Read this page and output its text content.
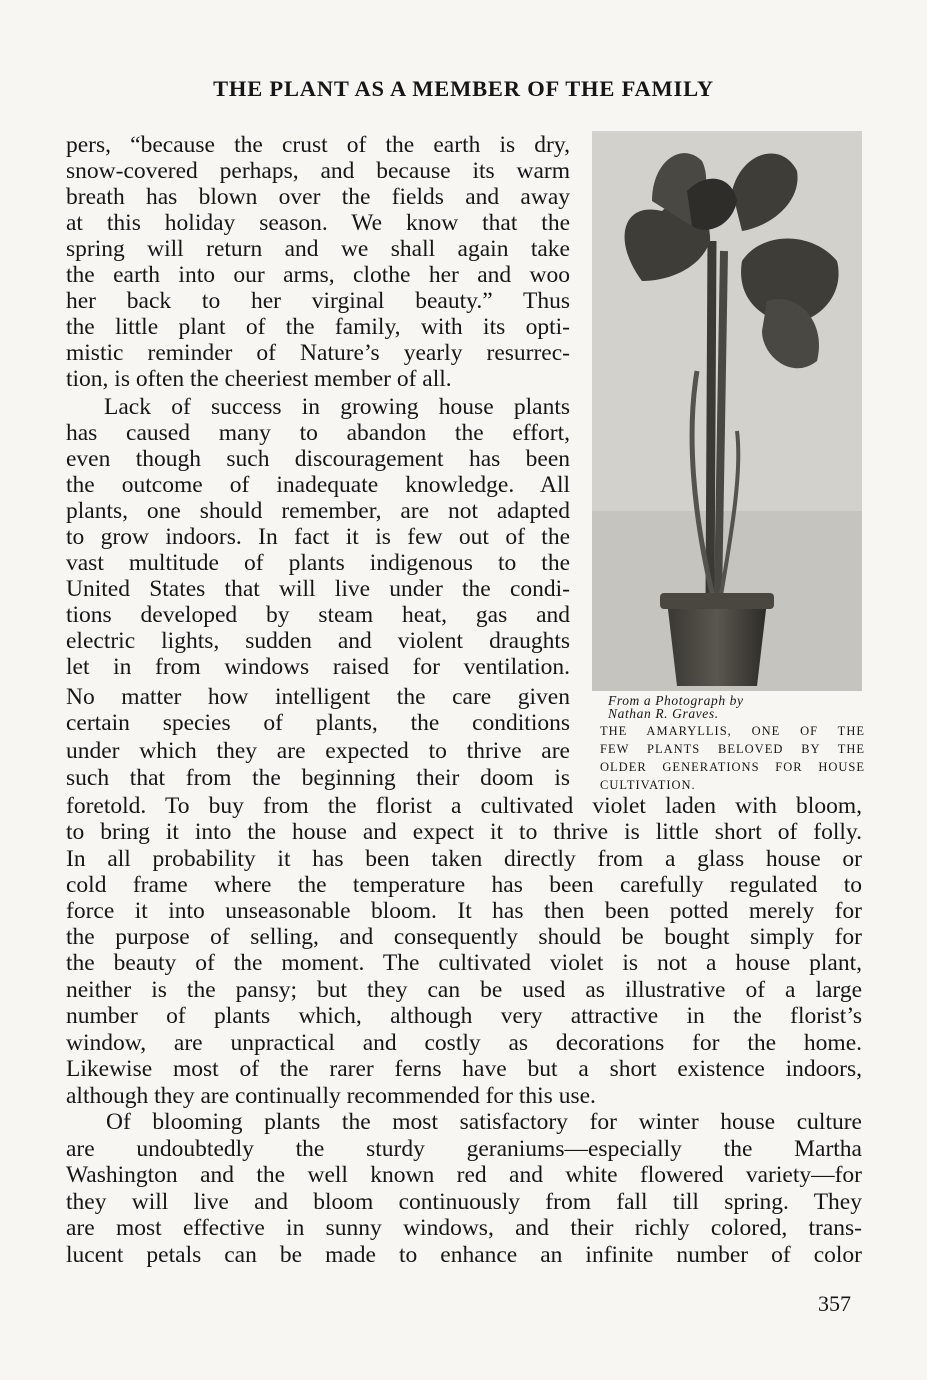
THE PLANT AS A MEMBER OF THE FAMILY
pers, “because the crust of the earth is dry,
snow-covered perhaps, and because its warm
breath has blown over the fields and away
at this holiday season. We know that the
spring will return and we shall again take
the earth into our arms, clothe her and woo
her back to her virginal beauty.” Thus
the little plant of the family, with its opti-
mistic reminder of Nature’s yearly resurrec-
tion, is often the cheeriest member of all.
Lack of success in growing house plants
has caused many to abandon the effort,
even though such discouragement has been
the outcome of inadequate knowledge. All
plants, one should remember, are not adapted
to grow indoors. In fact it is few out of the
vast multitude of plants indigenous to the
United States that will live under the condi-
tions developed by steam heat, gas and
electric lights, sudden and violent draughts
let in from windows raised for ventilation.
No matter how intelligent the care given
certain species of plants, the conditions
under which they are expected to thrive are
such that from the beginning their doom is
From a Photograph by
Nathan R. Graves.
THE AMARYLLIS, ONE OF THE
FEW PLANTS BELOVED BY THE
OLDER GENERATIONS FOR HOUSE
CULTIVATION.
foretold. To buy from the florist a cultivated violet laden with bloom,
to bring it into the house and expect it to thrive is little short of folly.
In all probability it has been taken directly from a glass house or
cold frame where the temperature has been carefully regulated to
force it into unseasonable bloom. It has then been potted merely for
the purpose of selling, and consequently should be bought simply for
the beauty of the moment. The cultivated violet is not a house plant,
neither is the pansy; but they can be used as illustrative of a large
number of plants which, although very attractive in the florist’s
window, are unpractical and costly as decorations for the home.
Likewise most of the rarer ferns have but a short existence indoors,
although they are continually recommended for this use.
Of blooming plants the most satisfactory for winter house culture
are undoubtedly the sturdy geraniums—especially the Martha
Washington and the well known red and white flowered variety—for
they will live and bloom continuously from fall till spring. They
are most effective in sunny windows, and their richly colored, trans-
lucent petals can be made to enhance an infinite number of color
357
